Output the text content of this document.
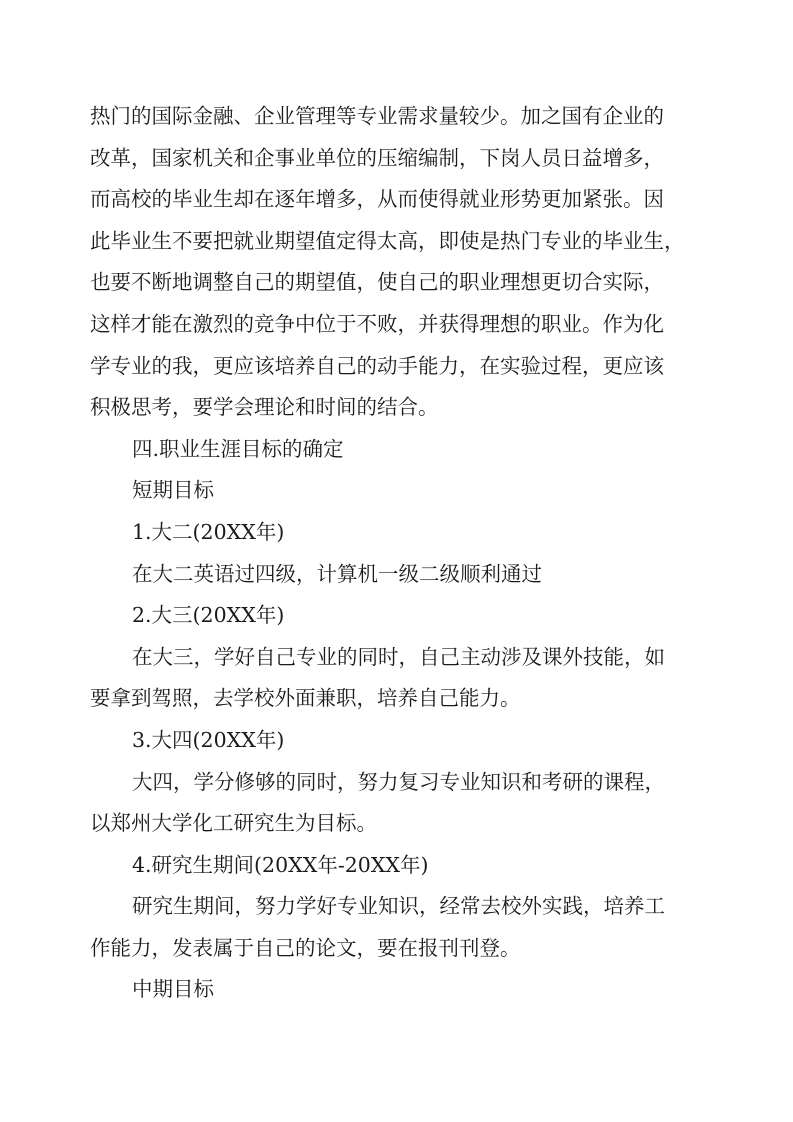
热门的国际金融、企业管理等专业需求量较少。加之国有企业的
改革，国家机关和企事业单位的压缩编制，下岗人员日益增多，
而高校的毕业生却在逐年增多，从而使得就业形势更加紧张。因
此毕业生不要把就业期望值定得太高，即使是热门专业的毕业生，
也要不断地调整自己的期望值，使自己的职业理想更切合实际，
这样才能在激烈的竞争中位于不败，并获得理想的职业。作为化
学专业的我，更应该培养自己的动手能力，在实验过程，更应该
积极思考，要学会理论和时间的结合。
四.职业生涯目标的确定
短期目标
1.大二(20XX年)
在大二英语过四级，计算机一级二级顺利通过
2.大三(20XX年)
在大三，学好自己专业的同时，自己主动涉及课外技能，如
要拿到驾照，去学校外面兼职，培养自己能力。
3.大四(20XX年)
大四，学分修够的同时，努力复习专业知识和考研的课程，
以郑州大学化工研究生为目标。
4.研究生期间(20XX年-20XX年)
研究生期间，努力学好专业知识，经常去校外实践，培养工
作能力，发表属于自己的论文，要在报刊刊登。
中期目标
